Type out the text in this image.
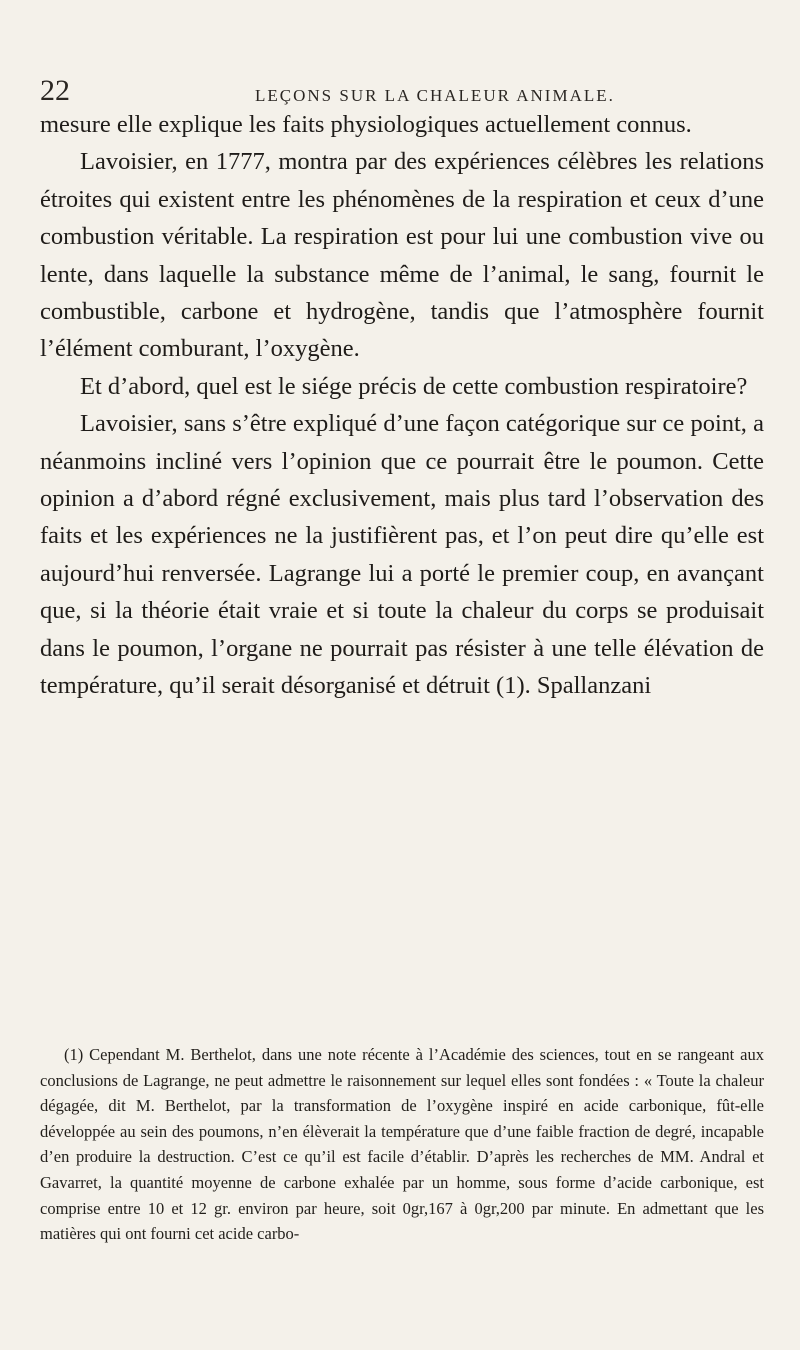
22	LEÇONS SUR LA CHALEUR ANIMALE.

mesure elle explique les faits physiologiques actuellement connus.

Lavoisier, en 1777, montra par des expériences célèbres les relations étroites qui existent entre les phénomènes de la respiration et ceux d’une combustion véritable. La respiration est pour lui une combustion vive ou lente, dans laquelle la substance même de l’animal, le sang, fournit le combustible, carbone et hydrogène, tandis que l’atmosphère fournit l’élément comburant, l’oxygène.

Et d’abord, quel est le siége précis de cette combustion respiratoire?

Lavoisier, sans s’être expliqué d’une façon catégorique sur ce point, a néanmoins incliné vers l’opinion que ce pourrait être le poumon. Cette opinion a d’abord régné exclusivement, mais plus tard l’observation des faits et les expériences ne la justifièrent pas, et l’on peut dire qu’elle est aujourd’hui renversée. Lagrange lui a porté le premier coup, en avançant que, si la théorie était vraie et si toute la chaleur du corps se produisait dans le poumon, l’organe ne pourrait pas résister à une telle élévation de température, qu’il serait désorganisé et détruit (1). Spallanzani

(1) Cependant M. Berthelot, dans une note récente à l’Académie des sciences, tout en se rangeant aux conclusions de Lagrange, ne peut admettre le raisonnement sur lequel elles sont fondées : « Toute la chaleur dégagée, dit M. Berthelot, par la transformation de l’oxygène inspiré en acide carbonique, fût-elle développée au sein des poumons, n’en élèverait la température que d’une faible fraction de degré, incapable d’en produire la destruction. C’est ce qu’il est facile d’établir. D’après les recherches de MM. Andral et Gavarret, la quantité moyenne de carbone exhalée par un homme, sous forme d’acide carbonique, est comprise entre 10 et 12 gr. environ par heure, soit 0gr,167 à 0gr,200 par minute. En admettant que les matières qui ont fourni cet acide carbo-
